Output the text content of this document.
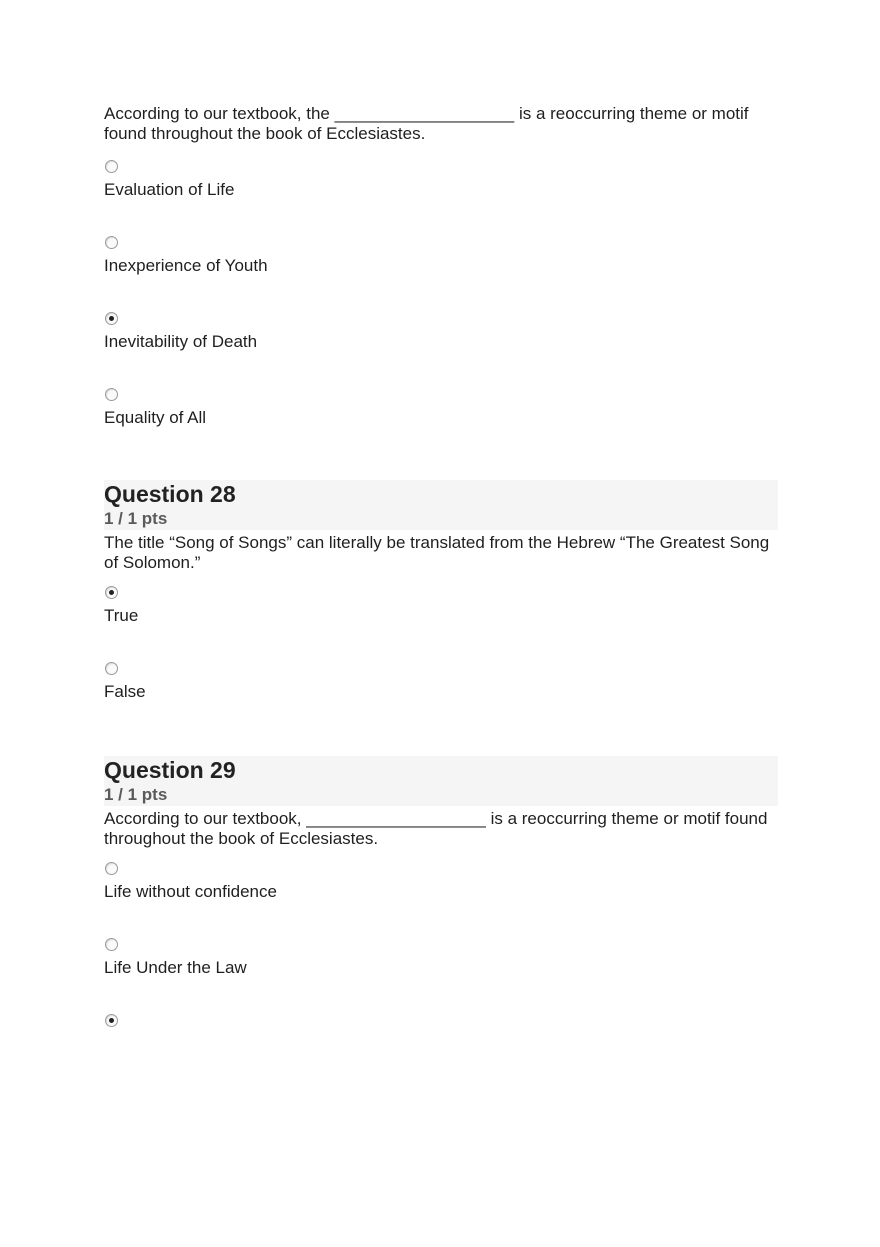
According to our textbook, the ___________________ is a reoccurring theme or motif found throughout the book of Ecclesiastes.

Evaluation of Life
Inexperience of Youth
Inevitability of Death
Equality of All
Question 28
1 / 1 pts

The title “Song of Songs” can literally be translated from the Hebrew “The Greatest Song of Solomon.”

True
False
Question 29
1 / 1 pts

According to our textbook, ___________________ is a reoccurring theme or motif found throughout the book of Ecclesiastes.

Life without confidence
Life Under the Law
